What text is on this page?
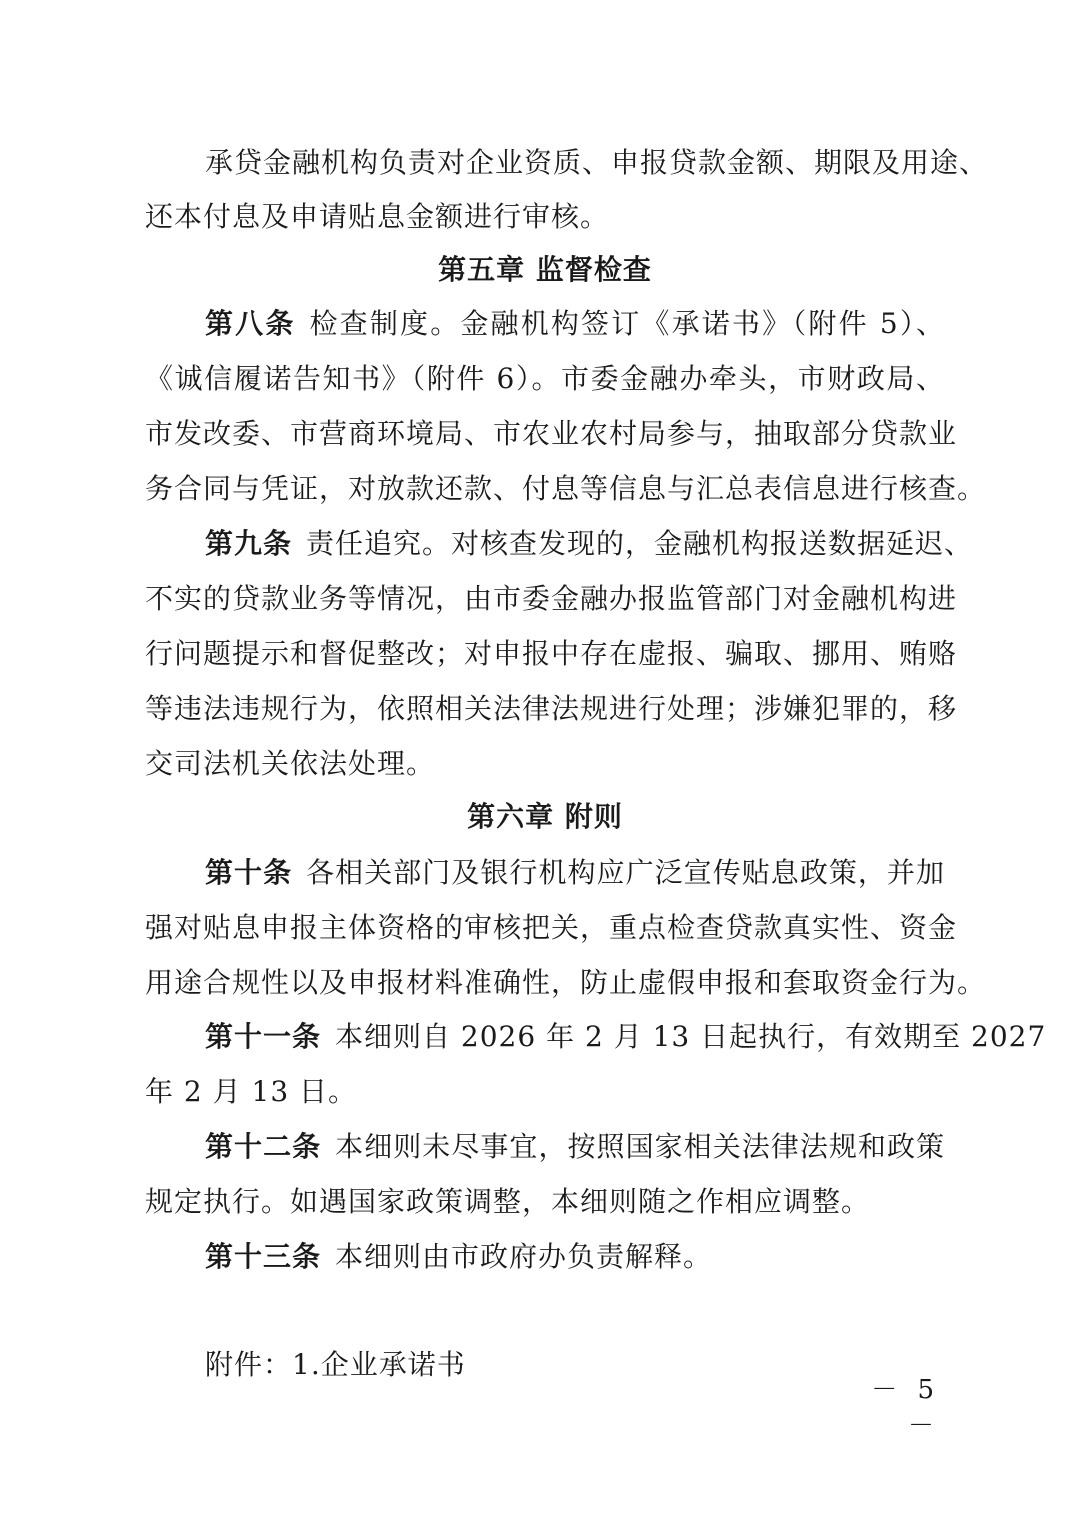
承贷金融机构负责对企业资质、申报贷款金额、期限及用途、
还本付息及申请贴息金额进行审核。
第五章 监督检查
第八条 检查制度。金融机构签订《承诺书》（附件 5）、
《诚信履诺告知书》（附件 6）。市委金融办牵头，市财政局、
市发改委、市营商环境局、市农业农村局参与，抽取部分贷款业
务合同与凭证，对放款还款、付息等信息与汇总表信息进行核查。
第九条 责任追究。对核查发现的，金融机构报送数据延迟、
不实的贷款业务等情况，由市委金融办报监管部门对金融机构进
行问题提示和督促整改；对申报中存在虚报、骗取、挪用、贿赂
等违法违规行为，依照相关法律法规进行处理；涉嫌犯罪的，移
交司法机关依法处理。
第六章 附则
第十条 各相关部门及银行机构应广泛宣传贴息政策，并加
强对贴息申报主体资格的审核把关，重点检查贷款真实性、资金
用途合规性以及申报材料准确性，防止虚假申报和套取资金行为。
第十一条 本细则自 2026 年 2 月 13 日起执行，有效期至 2027
年 2 月 13 日。
第十二条 本细则未尽事宜，按照国家相关法律法规和政策
规定执行。如遇国家政策调整，本细则随之作相应调整。
第十三条 本细则由市政府办负责解释。
附件：1.企业承诺书
－ 5 －
